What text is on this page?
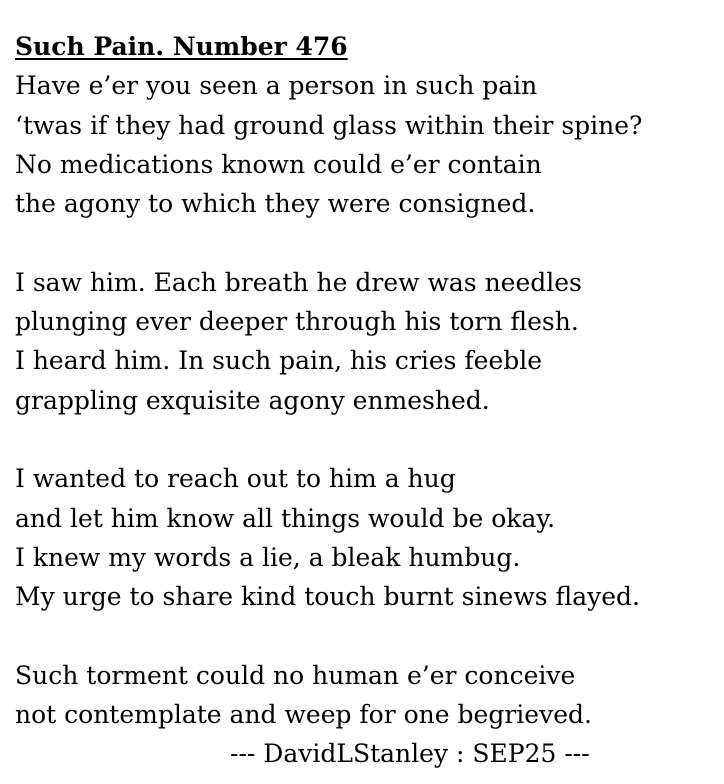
Such Pain. Number 476
Have e’er you seen a person in such pain
‘twas if they had ground glass within their spine?
No medications known could e’er contain
the agony to which they were consigned.
I saw him. Each breath he drew was needles
plunging ever deeper through his torn flesh.
I heard him. In such pain, his cries feeble
grappling exquisite agony enmeshed.
I wanted to reach out to him a hug
and let him know all things would be okay.
I knew my words a lie, a bleak humbug.
My urge to share kind touch burnt sinews flayed.
Such torment could no human e’er conceive
not contemplate and weep for one begrieved.
--- DavidLStanley : SEP25 ---
